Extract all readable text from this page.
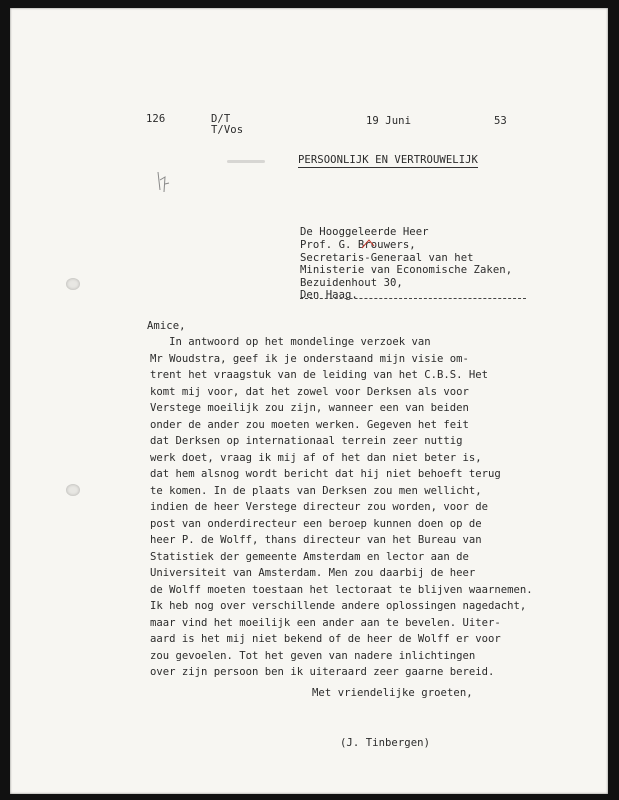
126	D/T
T/Vos
19 Juni	53
PERSOONLIJK EN VERTROUWELIJK
De Hooggeleerde Heer
Prof. G. Brouwers,
Secretaris-Generaal van het
Ministerie van Economische Zaken,
Bezuidenhout 30,
Den Haag.
Amice,
In antwoord op het mondelinge verzoek van
Mr Woudstra, geef ik je onderstaand mijn visie om-
trent het vraagstuk van de leiding van het C.B.S. Het
komt mij voor, dat het zowel voor Derksen als voor
Verstege moeilijk zou zijn, wanneer een van beiden
onder de ander zou moeten werken. Gegeven het feit
dat Derksen op internationaal terrein zeer nuttig
werk doet, vraag ik mij af of het dan niet beter is,
dat hem alsnog wordt bericht dat hij niet behoeft terug
te komen. In de plaats van Derksen zou men wellicht,
indien de heer Verstege directeur zou worden, voor de
post van onderdirecteur een beroep kunnen doen op de
heer P. de Wolff, thans directeur van het Bureau van
Statistiek der gemeente Amsterdam en lector aan de
Universiteit van Amsterdam. Men zou daarbij de heer
de Wolff moeten toestaan het lectoraat te blijven waarnemen.
Ik heb nog over verschillende andere oplossingen nagedacht,
maar vind het moeilijk een ander aan te bevelen. Uiter-
aard is het mij niet bekend of de heer de Wolff er voor
zou gevoelen. Tot het geven van nadere inlichtingen
over zijn persoon ben ik uiteraard zeer gaarne bereid.
Met vriendelijke groeten,
(J. Tinbergen)
